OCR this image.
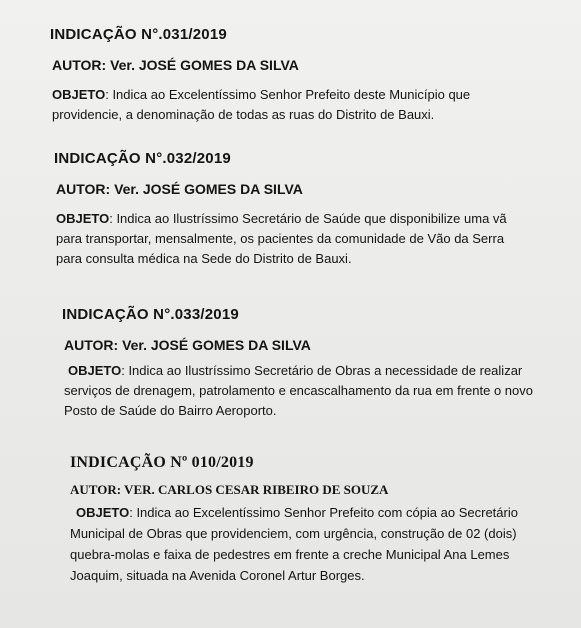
INDICAÇÃO N°.031/2019
AUTOR: Ver. JOSÉ GOMES DA SILVA
OBJETO: Indica ao Excelentíssimo Senhor Prefeito deste Município que
providencie, a denominação de todas as ruas do Distrito de Bauxi.
INDICAÇÃO N°.032/2019
AUTOR: Ver. JOSÉ GOMES DA SILVA
OBJETO: Indica ao Ilustríssimo Secretário de Saúde que disponibilize uma vã
para transportar, mensalmente, os pacientes da comunidade de Vão da Serra
para consulta médica na Sede do Distrito de Bauxi.
INDICAÇÃO N°.033/2019
AUTOR: Ver. JOSÉ GOMES DA SILVA
OBJETO: Indica ao Ilustríssimo Secretário de Obras a necessidade de realizar
serviços de drenagem, patrolamento e encascalhamento da rua em frente o novo
Posto de Saúde do Bairro Aeroporto.
INDICAÇÃO Nº 010/2019
AUTOR: VER. CARLOS CESAR RIBEIRO DE SOUZA
OBJETO: Indica ao Excelentíssimo Senhor Prefeito com cópia ao Secretário
Municipal de Obras que providenciem, com urgência, construção de 02 (dois)
quebra-molas e faixa de pedestres em frente a creche Municipal Ana Lemes
Joaquim, situada na Avenida Coronel Artur Borges.
